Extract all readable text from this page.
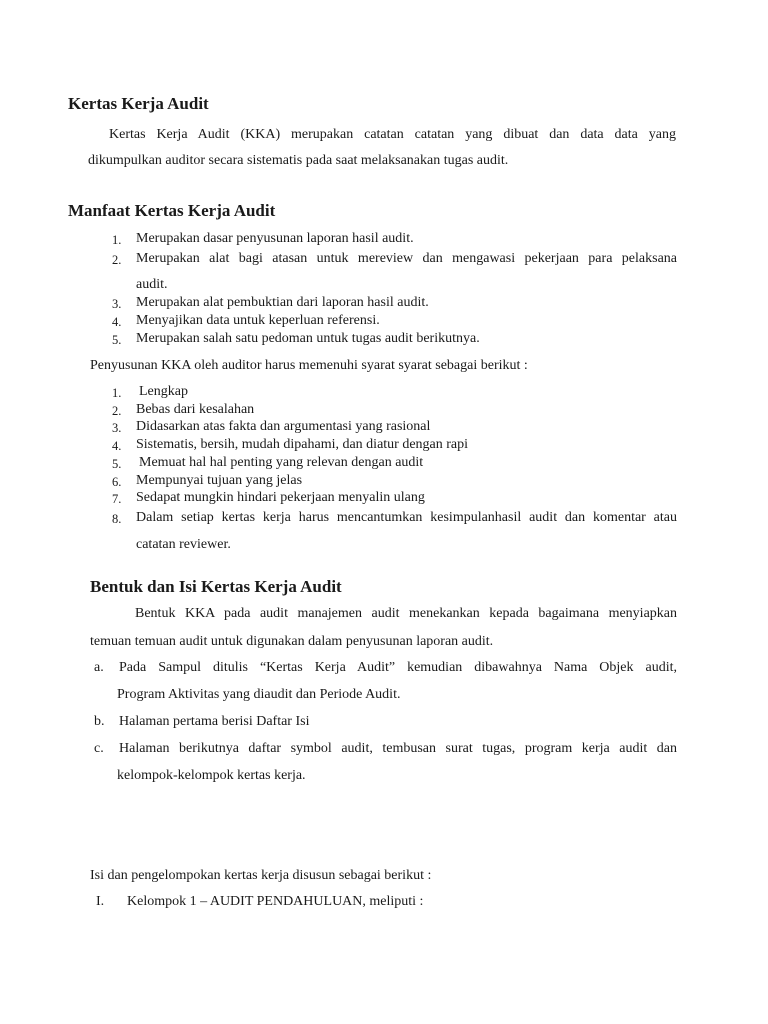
Kertas Kerja Audit
Kertas Kerja Audit (KKA) merupakan catatan catatan yang dibuat dan data data yang
dikumpulkan auditor secara sistematis pada saat melaksanakan tugas audit.
Manfaat Kertas Kerja Audit
1. Merupakan dasar penyusunan laporan hasil audit.
2. Merupakan alat bagi atasan untuk mereview dan mengawasi pekerjaan para pelaksana
audit.
3. Merupakan alat pembuktian dari laporan hasil audit.
4. Menyajikan data untuk keperluan referensi.
5. Merupakan salah satu pedoman untuk tugas audit berikutnya.
Penyusunan KKA oleh auditor harus memenuhi syarat syarat sebagai berikut :
1. Lengkap
2. Bebas dari kesalahan
3. Didasarkan atas fakta dan argumentasi yang rasional
4. Sistematis, bersih, mudah dipahami, dan diatur dengan rapi
5. Memuat hal hal penting yang relevan dengan audit
6. Mempunyai tujuan yang jelas
7. Sedapat mungkin hindari pekerjaan menyalin ulang
8. Dalam setiap kertas kerja harus mencantumkan kesimpulanhasil audit dan komentar atau
catatan reviewer.
Bentuk dan Isi Kertas Kerja Audit
Bentuk KKA pada audit manajemen audit menekankan kepada bagaimana menyiapkan
temuan temuan audit untuk digunakan dalam penyusunan laporan audit.
a. Pada Sampul ditulis “Kertas Kerja Audit” kemudian dibawahnya Nama Objek audit,
Program Aktivitas yang diaudit dan Periode Audit.
b. Halaman pertama berisi Daftar Isi
c. Halaman berikutnya daftar symbol audit, tembusan surat tugas, program kerja audit dan
kelompok-kelompok kertas kerja.
Isi dan pengelompokan kertas kerja disusun sebagai berikut :
I. Kelompok 1 – AUDIT PENDAHULUAN, meliputi :
